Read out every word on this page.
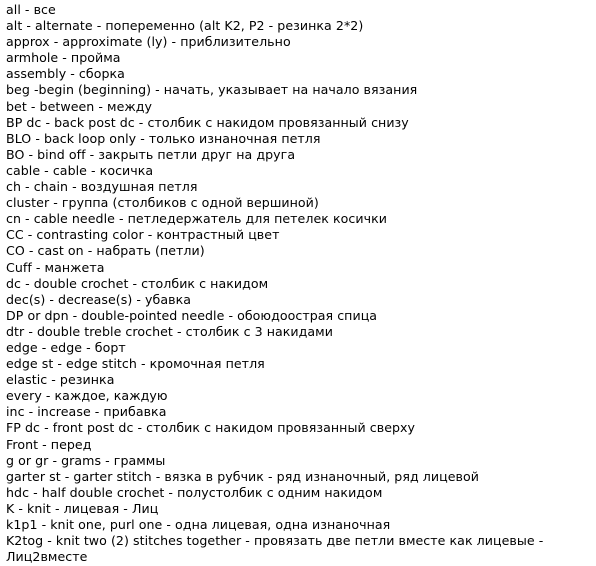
all - все

alt - alternate - попеременно (alt K2, P2 - резинка 2*2)

approx - approximate (ly) - приблизительно

armhole - пройма

assembly - сборка

beg -begin (beginning) - начать, указывает на начало вязания

bet - between - между

BP dc - back post dc - столбик с накидом провязанный снизу

BLO - back loop only - только изнаночная петля

BO - bind off - закрыть петли друг на друга

cable - cable - косичка

ch - chain - воздушная петля

cluster - группа (столбиков с одной вершиной)

cn - cable needle - петледержатель для петелек косички

CC - contrasting color - контрастный цвет

CO - cast on - набрать (петли)

Cuff - манжета

dc - double crochet - столбик с накидом

dec(s) - decrease(s) - убавка

DP or dpn - double-pointed needle - обоюдоострая спица

dtr - double treble crochet - столбик с 3 накидами

edge - edge - борт

edge st - edge stitch - кромочная петля

elastic - резинка

every - каждое, каждую

inc - increase - прибавка

FP dc - front post dc - столбик с накидом провязанный сверху

Front - перед

g or gr - grams - граммы

garter st - garter stitch - вязка в рубчик - ряд изнаночный, ряд лицевой

hdc - half double crochet - полустолбик с одним накидом

K - knit - лицевая - Лиц

k1p1 - knit one, purl one - одна лицевая, одна изнаночная

K2tog - knit two (2) stitches together - провязать две петли вместе как лицевые - Лиц2вместе
